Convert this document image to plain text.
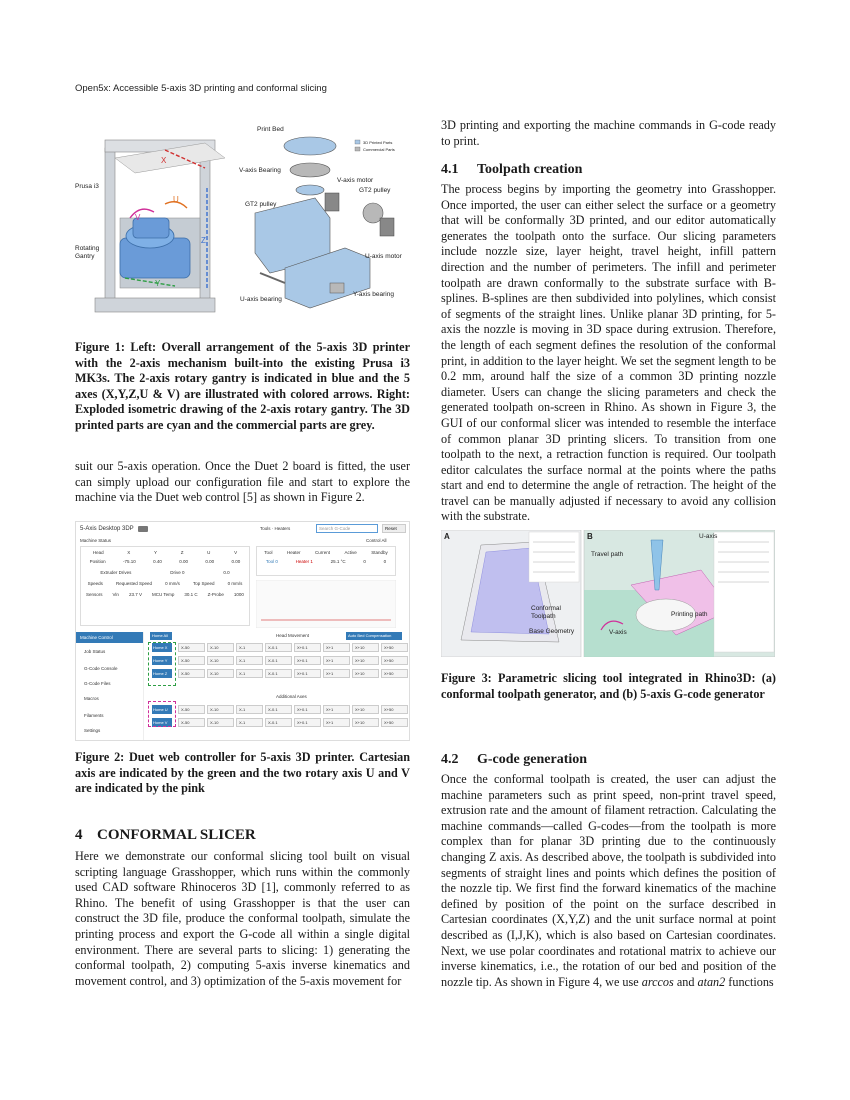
Open5x: Accessible 5-axis 3D printing and conformal slicing
X
Z
Y
V
U
Prusa i3
Rotating
Gantry
Print Bed
V-axis Bearing
V-axis motor
GT2 pulley
GT2 pulley
U-axis motor
U-axis bearing
Y-axis bearing
3D Printed Parts
Commercial Parts
Figure 1: Left: Overall arrangement of the 5-axis 3D printer with the 2-axis mechanism built-into the existing Prusa i3 MK3s. The 2-axis rotary gantry is indicated in blue and the 5 axes (X,Y,Z,U & V) are illustrated with colored arrows. Right: Exploded isometric drawing of the 2-axis rotary gantry. The 3D printed parts are cyan and the commercial parts are grey.

suit our 5-axis operation. Once the Duet 2 board is fitted, the user can simply upload our configuration file and start to explore the machine via the Duet web control [5] as shown in Figure 2.

5-Axis Desktop 3DP	Tools · Heaters	Search G-Code	Reset
Control All
Machine Status
Head	X	Y	Z	U	V
Position	-75.10	0.40	0.00	0.00	0.00
Extruder Drives	Drive 0	0.0
Speeds	Requested Speed	0 mm/s	Top Speed	0 mm/s
Sensors Vin 23.7 V MCU Temp 30.1 C Z-Probe 1000
Tool	Heater	Current	Active	Standby
Tool 0	Heater 1	25.1 °C	0	0
Machine Control
Job Status
G-Code Console
G-Code Files
Macros
Filaments
Settings
Home All	Head Movement	Auto Bed Compensation
Home X	X-50	X-10	X-1	X-0.1	X+0.1	X+1	X+10	X+50
Home Y	X-50	X-10	X-1	X-0.1	X+0.1	X+1	X+10	X+50
Home Z	X-50	X-10	X-1	X-0.1	X+0.1	X+1	X+10	X+50
Home U	X-50	X-10	X-1	X-0.1	X+0.1	X+1	X+10	X+50
Home V	X-50	X-10	X-1	X-0.1	X+0.1	X+1	X+10	X+50
Additional Axes
Figure 2: Duet web controller for 5-axis 3D printer. Cartesian axis are indicated by the green and the two rotary axis U and V are indicated by the pink
4 CONFORMAL SLICER

Here we demonstrate our conformal slicing tool built on visual scripting language Grasshopper, which runs within the commonly used CAD software Rhinoceros 3D [1], commonly referred to as Rhino. The benefit of using Grasshopper is that the user can construct the 3D file, produce the conformal toolpath, simulate the printing process and export the G-code all within a single digital environment. There are several parts to slicing: 1) generating the conformal toolpath, 2) computing 5-axis inverse kinematics and movement control, and 3) optimization of the 5-axis movement for

3D printing and exporting the machine commands in G-code ready to print.

4.1 Toolpath creation

The process begins by importing the geometry into Grasshopper. Once imported, the user can either select the surface or a geometry that will be conformally 3D printed, and our editor automatically generates the toolpath onto the surface. Our slicing parameters include nozzle size, layer height, travel height, infill pattern direction and the number of perimeters. The infill and perimeter toolpath are drawn conformally to the substrate surface with B-splines. B-splines are then subdivided into polylines, which consist of segments of the straight lines. Unlike planar 3D printing, for 5-axis the nozzle is moving in 3D space during extrusion. Therefore, the length of each segment defines the resolution of the conformal print, in addition to the layer height. We set the segment length to be 0.2 mm, around half the size of a common 3D printing nozzle diameter. Users can change the slicing parameters and check the generated toolpath on-screen in Rhino. As shown in Figure 3, the GUI of our conformal slicer was intended to resemble the interface of common planar 3D printing slicers. To transition from one toolpath to the next, a retraction function is required. Our toolpath editor calculates the surface normal at the points where the paths start and end to determine the angle of retraction. The height of the travel can be manually adjusted if necessary to avoid any collision with the substrate.

A
Conformal
Toolpath
Base Geometry
B
Travel path
U-axis
Printing path
V-axis
Figure 3: Parametric slicing tool integrated in Rhino3D: (a) conformal toolpath generator, and (b) 5-axis G-code generator
4.2 G-code generation

Once the conformal toolpath is created, the user can adjust the machine parameters such as print speed, non-print travel speed, extrusion rate and the amount of filament retraction. Calculating the machine commands—called G-codes—from the toolpath is more complex than for planar 3D printing due to the continuously changing Z axis. As described above, the toolpath is subdivided into segments of straight lines and points which defines the position of the nozzle tip. We first find the forward kinematics of the machine defined by position of the point on the surface described in Cartesian coordinates (X,Y,Z) and the unit surface normal at point described as (I,J,K), which is also based on Cartesian coordinates. Next, we use polar coordinates and rotational matrix to achieve our inverse kinematics, i.e., the rotation of our bed and position of the nozzle tip. As shown in Figure 4, we use arccos and atan2 functions
